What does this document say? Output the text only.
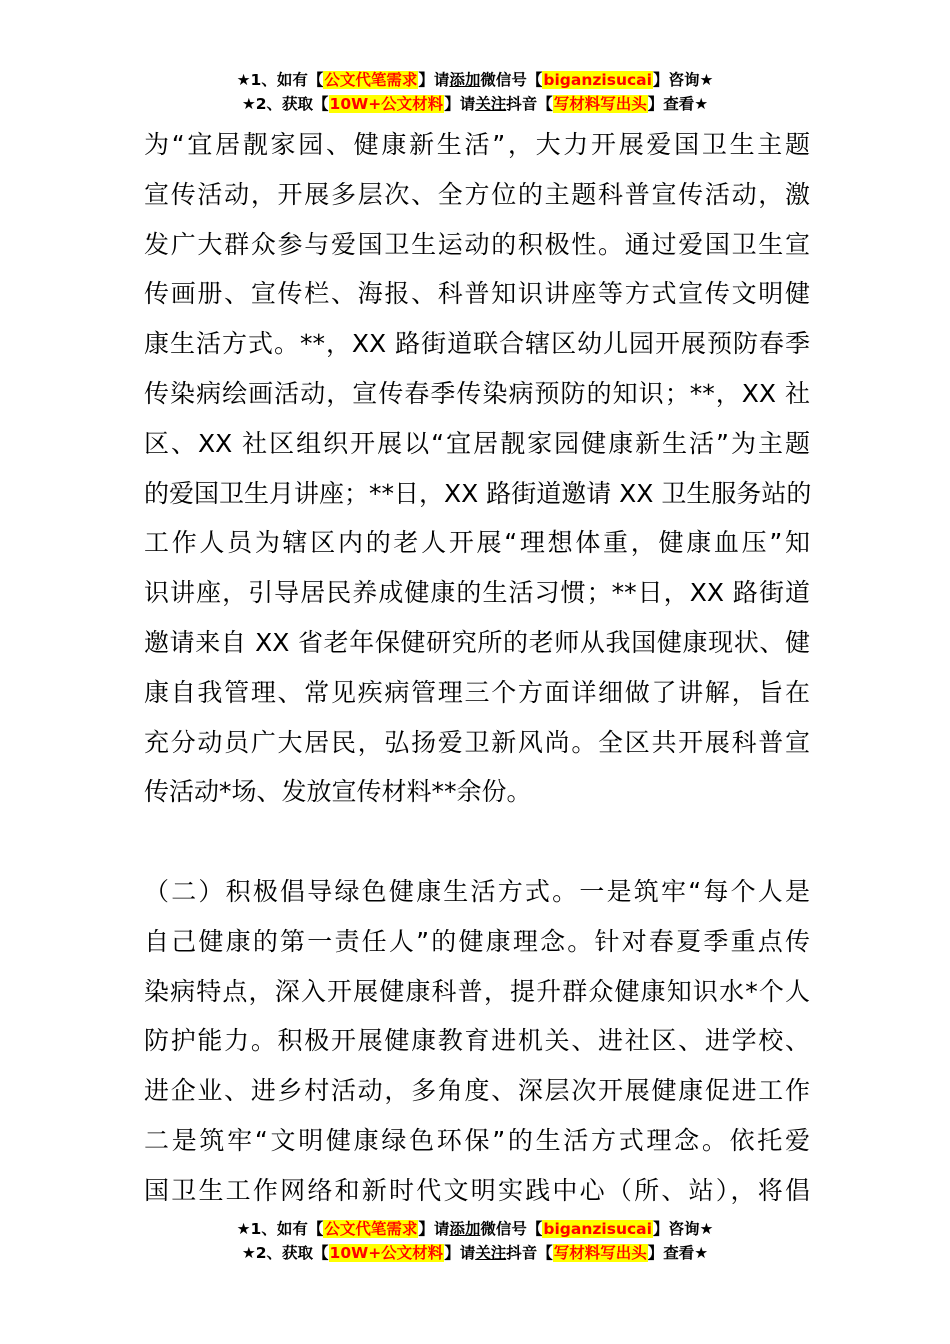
★1、如有【公文代笔需求】请添加微信号【biganzisucai】咨询★
★2、获取【10W+公文材料】请关注抖音【写材料写出头】查看★
为“宜居靓家园、健康新生活”，大力开展爱国卫生主题
宣传活动，开展多层次、全方位的主题科普宣传活动，激
发广大群众参与爱国卫生运动的积极性。通过爱国卫生宣
传画册、宣传栏、海报、科普知识讲座等方式宣传文明健
康生活方式。**，XX 路街道联合辖区幼儿园开展预防春季
传染病绘画活动，宣传春季传染病预防的知识；**，XX 社
区、XX 社区组织开展以“宜居靓家园健康新生活”为主题
的爱国卫生月讲座；**日，XX 路街道邀请 XX 卫生服务站的
工作人员为辖区内的老人开展“理想体重，健康血压”知
识讲座，引导居民养成健康的生活习惯；**日，XX 路街道
邀请来自 XX 省老年保健研究所的老师从我国健康现状、健
康自我管理、常见疾病管理三个方面详细做了讲解，旨在
充分动员广大居民，弘扬爱卫新风尚。全区共开展科普宣
传活动*场、发放宣传材料**余份。
（二）积极倡导绿色健康生活方式。一是筑牢“每个人是
自己健康的第一责任人”的健康理念。针对春夏季重点传
染病特点，深入开展健康科普，提升群众健康知识水*个人
防护能力。积极开展健康教育进机关、进社区、进学校、
进企业、进乡村活动，多角度、深层次开展健康促进工作
二是筑牢“文明健康绿色环保”的生活方式理念。依托爱
国卫生工作网络和新时代文明实践中心（所、站），将倡
★1、如有【公文代笔需求】请添加微信号【biganzisucai】咨询★
★2、获取【10W+公文材料】请关注抖音【写材料写出头】查看★
